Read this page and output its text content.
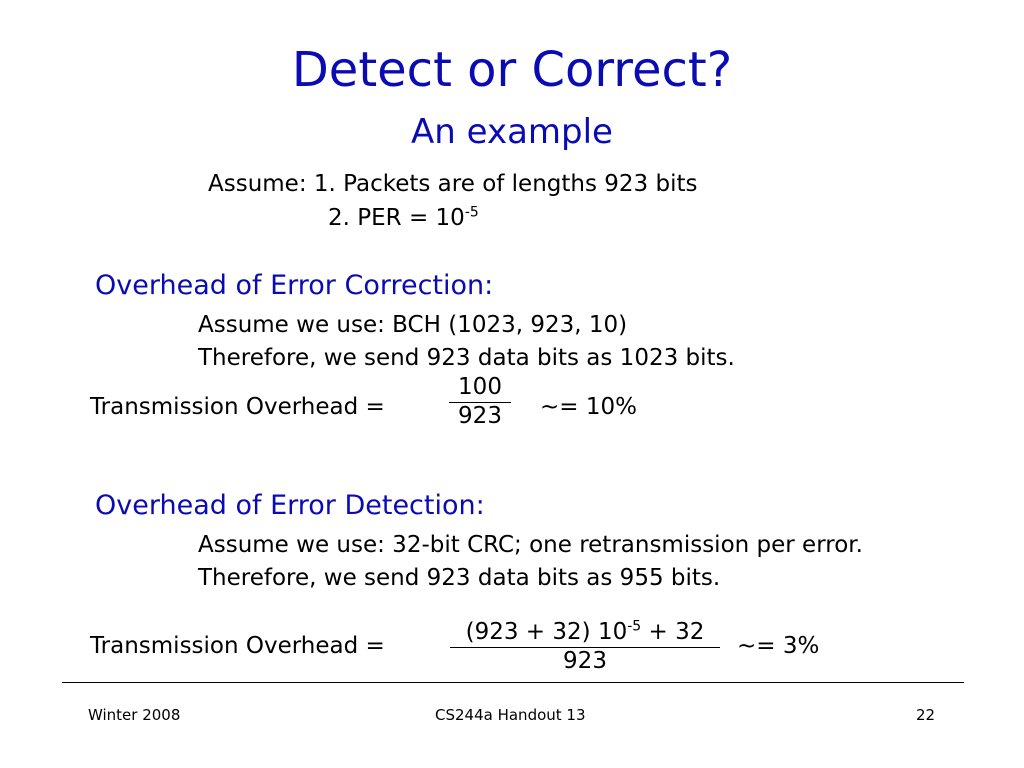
Detect or Correct?
An example
Assume: 1. Packets are of lengths 923 bits
2. PER = $10^{-5}$
Overhead of Error Correction:
Assume we use: BCH (1023, 923, 10)
Therefore, we send 923 data bits as 1023 bits.
Transmission Overhead =	$\frac{100}{923}$ ~= 10%
Overhead of Error Detection:
Assume we use: 32-bit CRC; one retransmission per error.
Therefore, we send 923 data bits as 955 bits.
Transmission Overhead =	$\frac{(923 + 32) 10^{-5} + 32}{923}$ ~= 3%
Winter 2008	CS244a Handout 13	22
